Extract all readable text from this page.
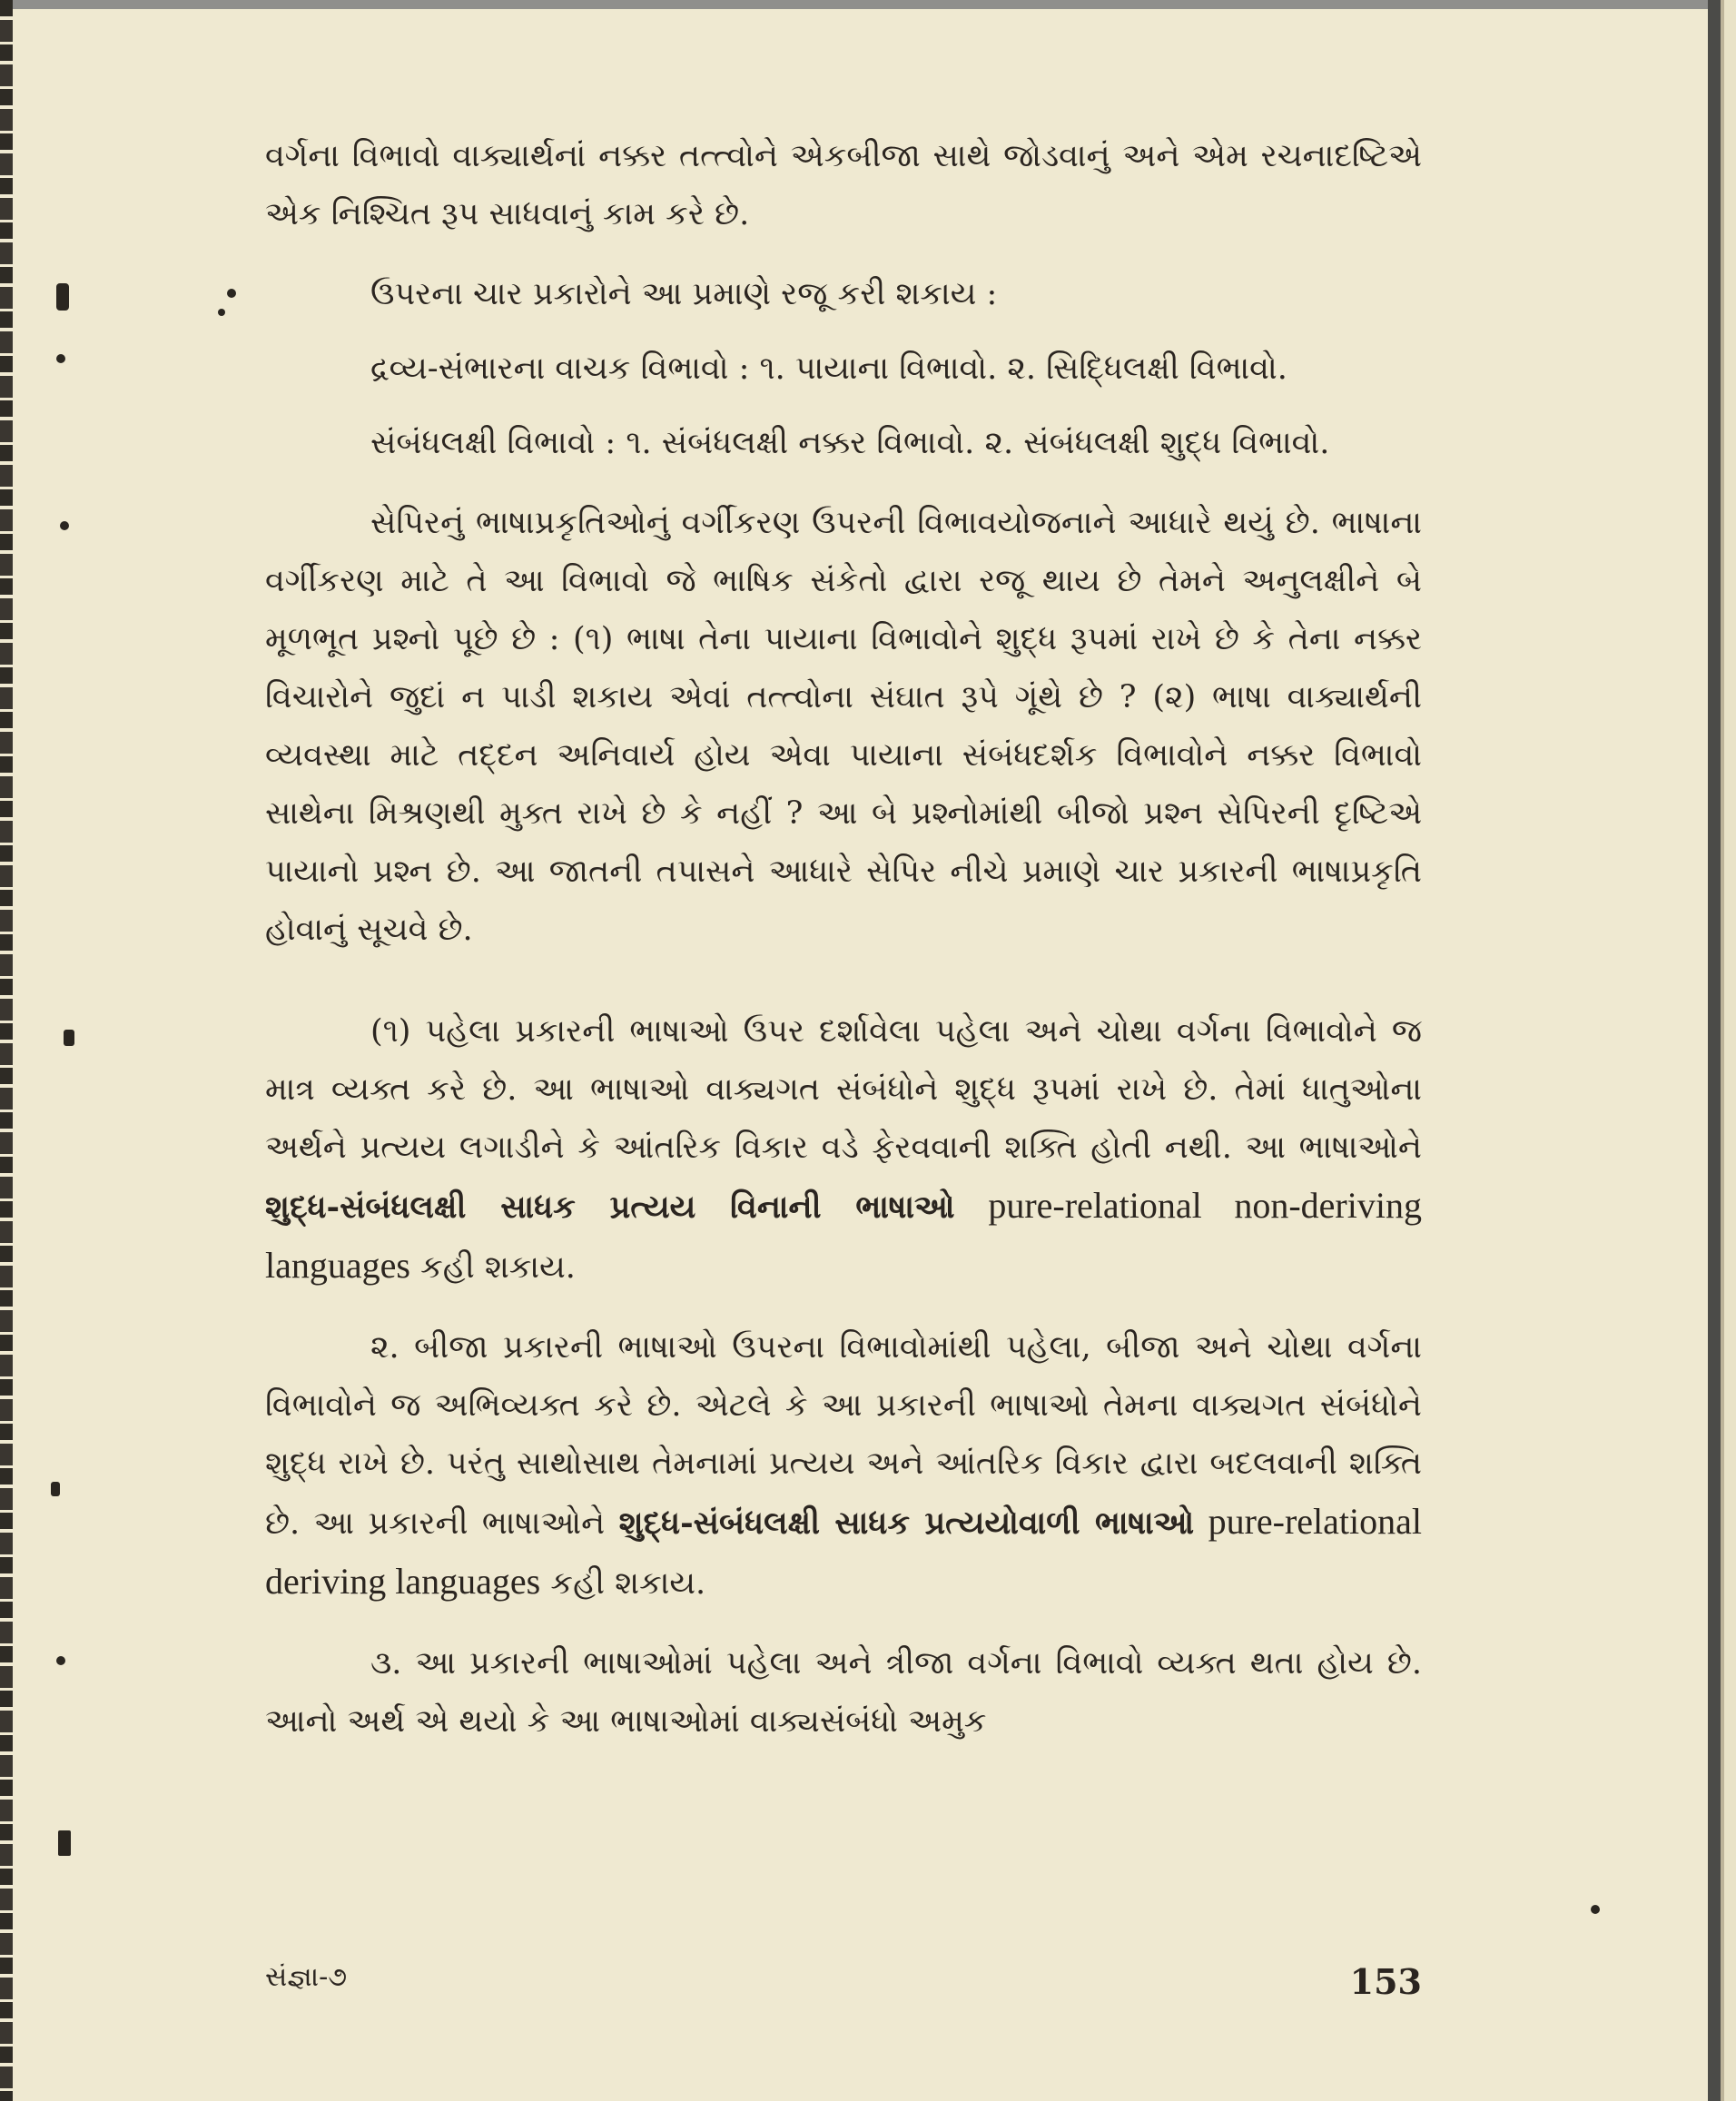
વર્ગના વિભાવો વાક્યાર્થનાં નક્કર તત્ત્વોને એકબીજા સાથે જોડવાનું અને એમ રચનાદષ્ટિએ એક નિશ્ચિત રૂપ સાધવાનું કામ કરે છે.

ઉપરના ચાર પ્રકારોને આ પ્રમાણે રજૂ કરી શકાય :

દ્રવ્ય-સંભારના વાચક વિભાવો : ૧. પાયાના વિભાવો. ૨. સિદ્ધિલક્ષી વિભાવો.

સંબંધલક્ષી વિભાવો : ૧. સંબંધલક્ષી નક્કર વિભાવો. ૨. સંબંધલક્ષી શુદ્ધ વિભાવો.

સેપિરનું ભાષાપ્રકૃતિઓનું વર્ગીકરણ ઉપરની વિભાવયોજનાને આધારે થયું છે. ભાષાના વર્ગીકરણ માટે તે આ વિભાવો જે ભાષિક સંકેતો દ્વારા રજૂ થાય છે તેમને અનુલક્ષીને બે મૂળભૂત પ્રશ્નો પૂછે છે : (૧) ભાષા તેના પાયાના વિભાવોને શુદ્ધ રૂપમાં રાખે છે કે તેના નક્કર વિચારોને જુદાં ન પાડી શકાય એવાં તત્ત્વોના સંઘાત રૂપે ગૂંથે છે ? (૨) ભાષા વાક્યાર્થની વ્યવસ્થા માટે તદ્દન અનિવાર્ય હોય એવા પાયાના સંબંધદર્શક વિભાવોને નક્કર વિભાવો સાથેના મિશ્રણથી મુક્ત રાખે છે કે નહીં ? આ બે પ્રશ્નોમાંથી બીજો પ્રશ્ન સેપિરની દૃષ્ટિએ પાયાનો પ્રશ્ન છે. આ જાતની તપાસને આધારે સેપિર નીચે પ્રમાણે ચાર પ્રકારની ભાષાપ્રકૃતિ હોવાનું સૂચવે છે.

(૧) પહેલા પ્રકારની ભાષાઓ ઉપર દર્શાવેલા પહેલા અને ચોથા વર્ગના વિભાવોને જ માત્ર વ્યક્ત કરે છે. આ ભાષાઓ વાક્યગત સંબંધોને શુદ્ધ રૂપમાં રાખે છે. તેમાં ધાતુઓના અર્થને પ્રત્યય લગાડીને કે આંતરિક વિકાર વડે ફેરવવાની શક્તિ હોતી નથી. આ ભાષાઓને શુદ્ધ-સંબંધલક્ષી સાધક પ્રત્યય વિનાની ભાષાઓ pure-relational non-deriving languages કહી શકાય.

૨. બીજા પ્રકારની ભાષાઓ ઉપરના વિભાવોમાંથી પહેલા, બીજા અને ચોથા વર્ગના વિભાવોને જ અભિવ્યક્ત કરે છે. એટલે કે આ પ્રકારની ભાષાઓ તેમના વાક્યગત સંબંધોને શુદ્ધ રાખે છે. પરંતુ સાથોસાથ તેમનામાં પ્રત્યય અને આંતરિક વિકાર દ્વારા બદલવાની શક્તિ છે. આ પ્રકારની ભાષાઓને શુદ્ધ-સંબંધલક્ષી સાધક પ્રત્યયોવાળી ભાષાઓ pure-relational deriving languages કહી શકાય.

૩. આ પ્રકારની ભાષાઓમાં પહેલા અને ત્રીજા વર્ગના વિભાવો વ્યક્ત થતા હોય છે. આનો અર્થ એ થયો કે આ ભાષાઓમાં વાક્યસંબંધો અમુક

સંજ્ઞા-૭	153
